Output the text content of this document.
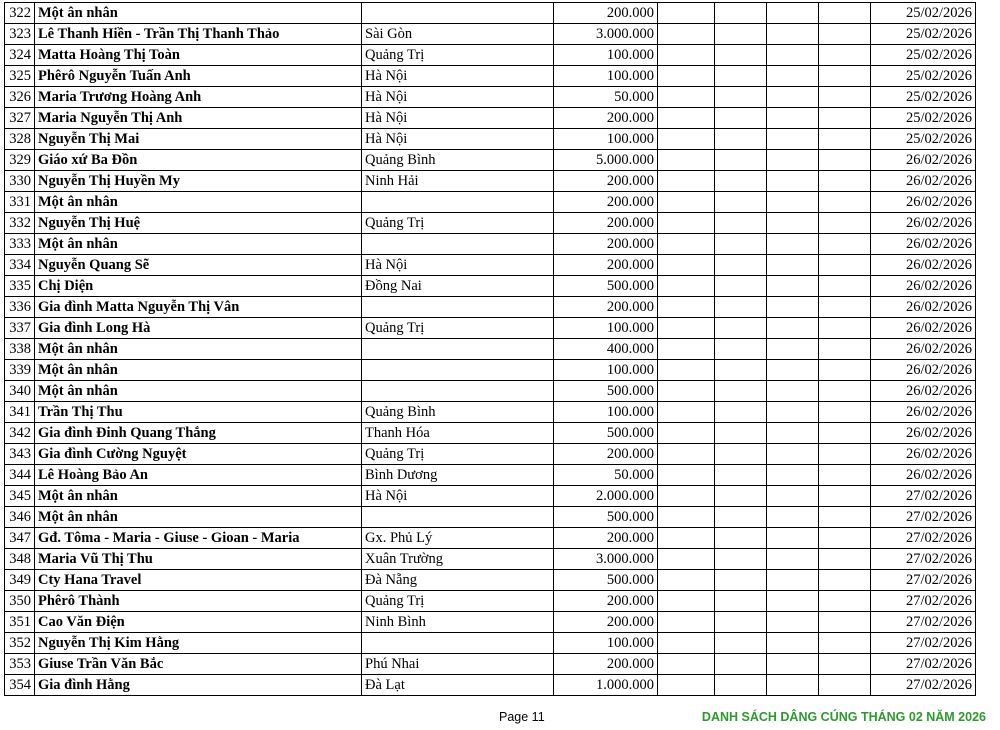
322	Một ân nhân		200.000					25/02/2026
323	Lê Thanh Hiền - Trần Thị Thanh Thảo	Sài Gòn	3.000.000					25/02/2026
324	Matta Hoàng Thị Toàn	Quảng Trị	100.000					25/02/2026
325	Phêrô Nguyễn Tuấn Anh	Hà Nội	100.000					25/02/2026
326	Maria Trương Hoàng Anh	Hà Nội	50.000					25/02/2026
327	Maria Nguyễn Thị Anh	Hà Nội	200.000					25/02/2026
328	Nguyễn Thị Mai	Hà Nội	100.000					25/02/2026
329	Giáo xứ Ba Đồn	Quảng Bình	5.000.000					26/02/2026
330	Nguyễn Thị Huyền My	Ninh Hải	200.000					26/02/2026
331	Một ân nhân		200.000					26/02/2026
332	Nguyễn Thị Huệ	Quảng Trị	200.000					26/02/2026
333	Một ân nhân		200.000					26/02/2026
334	Nguyễn Quang Sẽ	Hà Nội	200.000					26/02/2026
335	Chị Diện	Đồng Nai	500.000					26/02/2026
336	Gia đình Matta Nguyễn Thị Vân		200.000					26/02/2026
337	Gia đình Long Hà	Quảng Trị	100.000					26/02/2026
338	Một ân nhân		400.000					26/02/2026
339	Một ân nhân		100.000					26/02/2026
340	Một ân nhân		500.000					26/02/2026
341	Trần Thị Thu	Quảng Bình	100.000					26/02/2026
342	Gia đình Đinh Quang Thắng	Thanh Hóa	500.000					26/02/2026
343	Gia đình Cường Nguyệt	Quảng Trị	200.000					26/02/2026
344	Lê Hoàng Bảo An	Bình Dương	50.000					26/02/2026
345	Một ân nhân	Hà Nội	2.000.000					27/02/2026
346	Một ân nhân		500.000					27/02/2026
347	Gđ. Tôma - Maria - Giuse - Gioan - Maria	Gx. Phủ Lý	200.000					27/02/2026
348	Maria Vũ Thị Thu	Xuân Trường	3.000.000					27/02/2026
349	Cty Hana Travel	Đà Nẵng	500.000					27/02/2026
350	Phêrô Thành	Quảng Trị	200.000					27/02/2026
351	Cao Văn Điện	Ninh Bình	200.000					27/02/2026
352	Nguyễn Thị Kim Hằng		100.000					27/02/2026
353	Giuse Trần Văn Bắc	Phú Nhai	200.000					27/02/2026
354	Gia đình Hằng	Đà Lạt	1.000.000					27/02/2026
Page 11	DANH SÁCH DÂNG CÚNG THÁNG 02 NĂM 2026
